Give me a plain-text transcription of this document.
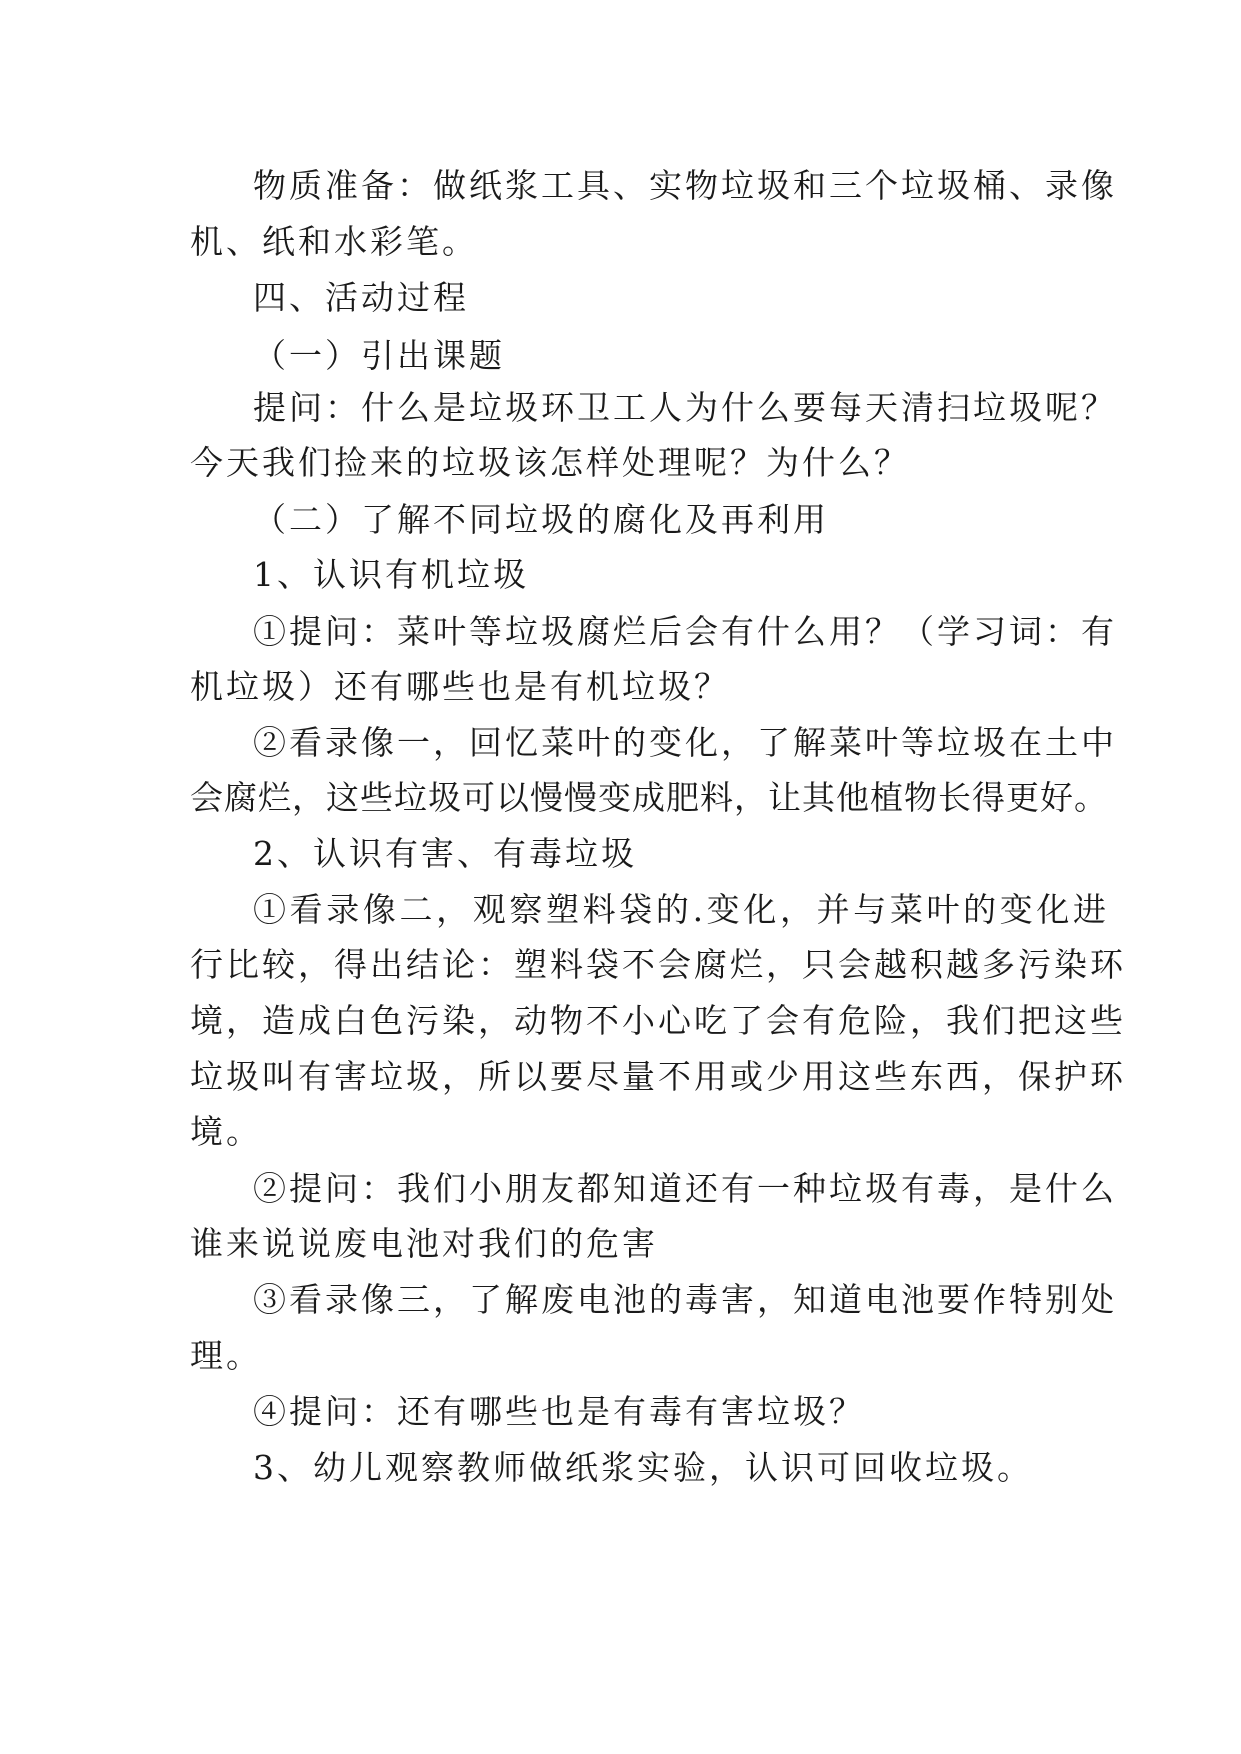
物质准备：做纸浆工具、实物垃圾和三个垃圾桶、录像
机、纸和水彩笔。
四、活动过程
（一）引出课题
提问：什么是垃圾环卫工人为什么要每天清扫垃圾呢？
今天我们捡来的垃圾该怎样处理呢？为什么？
（二）了解不同垃圾的腐化及再利用
1、认识有机垃圾
①提问：菜叶等垃圾腐烂后会有什么用？（学习词：有
机垃圾）还有哪些也是有机垃圾？
②看录像一，回忆菜叶的变化，了解菜叶等垃圾在土中
会腐烂，这些垃圾可以慢慢变成肥料，让其他植物长得更好。
2、认识有害、有毒垃圾
①看录像二，观察塑料袋的.变化，并与菜叶的变化进
行比较，得出结论：塑料袋不会腐烂，只会越积越多污染环
境，造成白色污染，动物不小心吃了会有危险，我们把这些
垃圾叫有害垃圾，所以要尽量不用或少用这些东西，保护环
境。
②提问：我们小朋友都知道还有一种垃圾有毒，是什么
谁来说说废电池对我们的危害
③看录像三，了解废电池的毒害，知道电池要作特别处
理。
④提问：还有哪些也是有毒有害垃圾？
3、幼儿观察教师做纸浆实验，认识可回收垃圾。
